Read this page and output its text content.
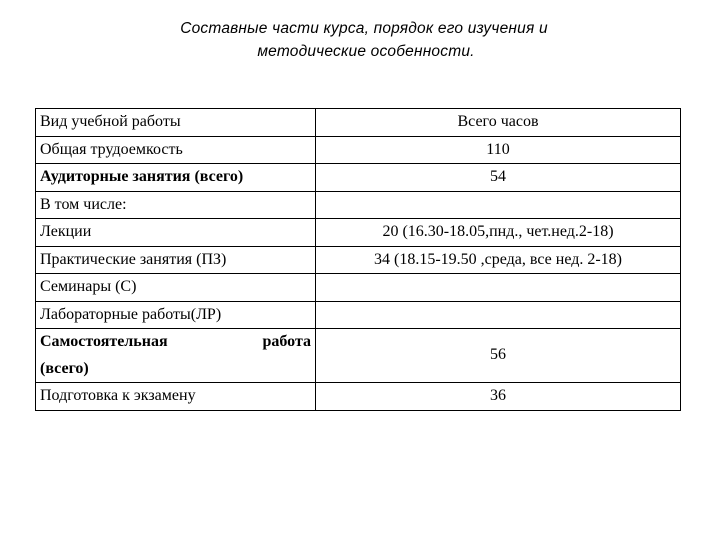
Составные части курса, порядок его изучения и
методические особенности.
Вид учебной работы	Всего часов
Общая трудоемкость	110
Аудиторные занятия (всего)	54
В том числе:	
Лекции	20 (16.30-18.05,пнд., чет.нед.2-18)
Практические занятия (ПЗ)	34 (18.15-19.50 ,среда, все нед. 2-18)
Семинары (С)	
Лабораторные работы(ЛР)	

Самостоятельная работа
(всего)	56
Подготовка к экзамену	36
